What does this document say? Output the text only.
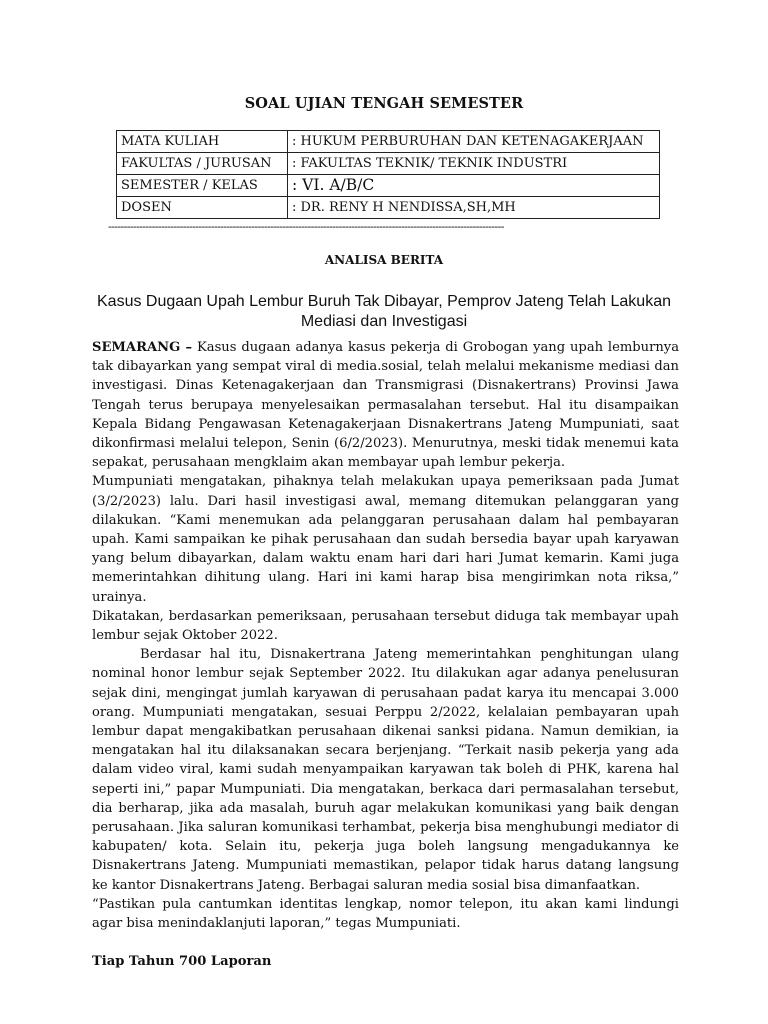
SOAL UJIAN TENGAH SEMESTER
MATA KULIAH	: HUKUM PERBURUHAN DAN KETENAGAKERJAAN
FAKULTAS / JURUSAN	: FAKULTAS TEKNIK/ TEKNIK INDUSTRI
SEMESTER / KELAS	: VI. A/B/C
DOSEN	: DR. RENY H NENDISSA,SH,MH
-------------------------------------------------------------------------------------------------------------------------------
ANALISA BERITA
Kasus Dugaan Upah Lembur Buruh Tak Dibayar, Pemprov Jateng Telah Lakukan Mediasi dan Investigasi

SEMARANG – Kasus dugaan adanya kasus pekerja di Grobogan yang upah lemburnya tak dibayarkan yang sempat viral di media.sosial, telah melalui mekanisme mediasi dan investigasi. Dinas Ketenagakerjaan dan Transmigrasi (Disnakertrans) Provinsi Jawa Tengah terus berupaya menyelesaikan permasalahan tersebut. Hal itu disampaikan Kepala Bidang Pengawasan Ketenagakerjaan Disnakertrans Jateng Mumpuniati, saat dikonfirmasi melalui telepon, Senin (6/2/2023). Menurutnya, meski tidak menemui kata sepakat, perusahaan mengklaim akan membayar upah lembur pekerja.

Mumpuniati mengatakan, pihaknya telah melakukan upaya pemeriksaan pada Jumat (3/2/2023) lalu. Dari hasil investigasi awal, memang ditemukan pelanggaran yang dilakukan. “Kami menemukan ada pelanggaran perusahaan dalam hal pembayaran upah. Kami sampaikan ke pihak perusahaan dan sudah bersedia bayar upah karyawan yang belum dibayarkan, dalam waktu enam hari dari hari Jumat kemarin. Kami juga memerintahkan dihitung ulang. Hari ini kami harap bisa mengirimkan nota riksa,” urainya.

Dikatakan, berdasarkan pemeriksaan, perusahaan tersebut diduga tak membayar upah lembur sejak Oktober 2022.

Berdasar hal itu, Disnakertrana Jateng memerintahkan penghitungan ulang nominal honor lembur sejak September 2022. Itu dilakukan agar adanya penelusuran sejak dini, mengingat jumlah karyawan di perusahaan padat karya itu mencapai 3.000 orang. Mumpuniati mengatakan, sesuai Perppu 2/2022, kelalaian pembayaran upah lembur dapat mengakibatkan perusahaan dikenai sanksi pidana. Namun demikian, ia mengatakan hal itu dilaksanakan secara berjenjang. “Terkait nasib pekerja yang ada dalam video viral, kami sudah menyampaikan karyawan tak boleh di PHK, karena hal seperti ini,” papar Mumpuniati. Dia mengatakan, berkaca dari permasalahan tersebut, dia berharap, jika ada masalah, buruh agar melakukan komunikasi yang baik dengan perusahaan. Jika saluran komunikasi terhambat, pekerja bisa menghubungi mediator di kabupaten/ kota. Selain itu, pekerja juga boleh langsung mengadukannya ke Disnakertrans Jateng. Mumpuniati memastikan, pelapor tidak harus datang langsung ke kantor Disnakertrans Jateng. Berbagai saluran media sosial bisa dimanfaatkan.

“Pastikan pula cantumkan identitas lengkap, nomor telepon, itu akan kami lindungi agar bisa menindaklanjuti laporan,” tegas Mumpuniati.

Tiap Tahun 700 Laporan
